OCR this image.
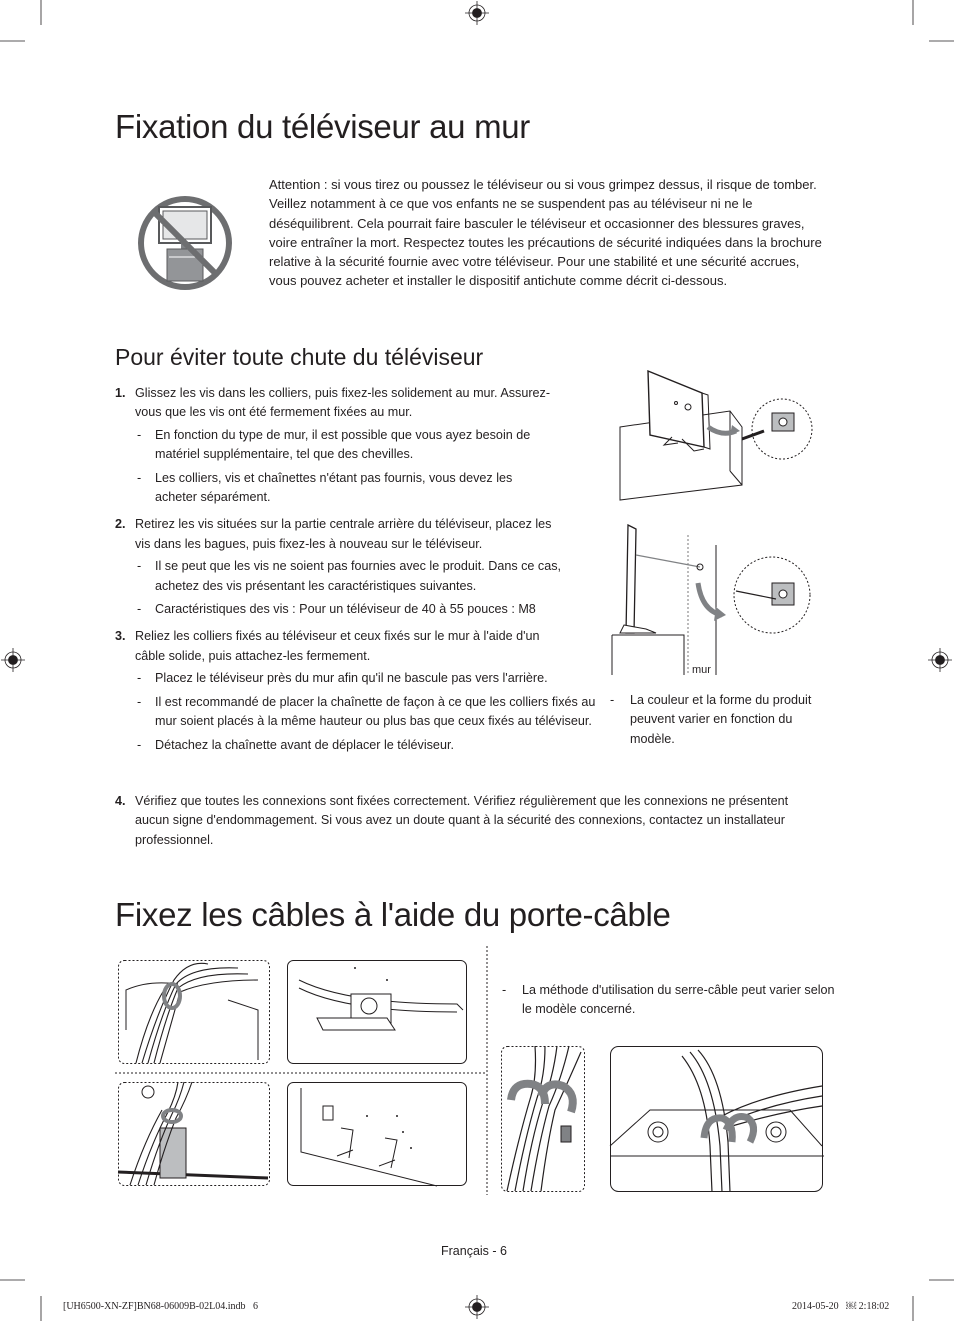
Fixation du téléviseur au mur
Attention : si vous tirez ou poussez le téléviseur ou si vous grimpez dessus, il risque de tomber. Veillez notamment à ce que vos enfants ne se suspendent pas au téléviseur ni ne le déséquilibrent. Cela pourrait faire basculer le téléviseur et occasionner des blessures graves, voire entraîner la mort. Respectez toutes les précautions de sécurité indiquées dans la brochure relative à la sécurité fournie avec votre téléviseur. Pour une stabilité et une sécurité accrues, vous pouvez acheter et installer le dispositif antichute comme décrit ci-dessous.
Pour éviter toute chute du téléviseur
1. Glissez les vis dans les colliers, puis fixez-les solidement au mur. Assurez-vous que les vis ont été fermement fixées au mur.
- En fonction du type de mur, il est possible que vous ayez besoin de matériel supplémentaire, tel que des chevilles.
- Les colliers, vis et chaînettes n'étant pas fournis, vous devez les acheter séparément.
2. Retirez les vis situées sur la partie centrale arrière du téléviseur, placez les vis dans les bagues, puis fixez-les à nouveau sur le téléviseur.
- Il se peut que les vis ne soient pas fournies avec le produit. Dans ce cas, achetez des vis présentant les caractéristiques suivantes.
- Caractéristiques des vis : Pour un téléviseur de 40 à 55 pouces : M8
3. Reliez les colliers fixés au téléviseur et ceux fixés sur le mur à l'aide d'un câble solide, puis attachez-les fermement.
- Placez le téléviseur près du mur afin qu'il ne bascule pas vers l'arrière.
- Il est recommandé de placer la chaînette de façon à ce que les colliers fixés au mur soient placés à la même hauteur ou plus bas que ceux fixés au téléviseur.
- Détachez la chaînette avant de déplacer le téléviseur.
4. Vérifiez que toutes les connexions sont fixées correctement. Vérifiez régulièrement que les connexions ne présentent aucun signe d'endommagement. Si vous avez un doute quant à la sécurité des connexions, contactez un installateur professionnel.
mur
- La couleur et la forme du produit peuvent varier en fonction du modèle.
Fixez les câbles à l'aide du porte-câble
- La méthode d'utilisation du serre-câble peut varier selon le modèle concerné.
Français - 6
[UH6500-XN-ZF]BN68-06009B-02L04.indb   6	2014-05-20   ￼ 2:18:02
